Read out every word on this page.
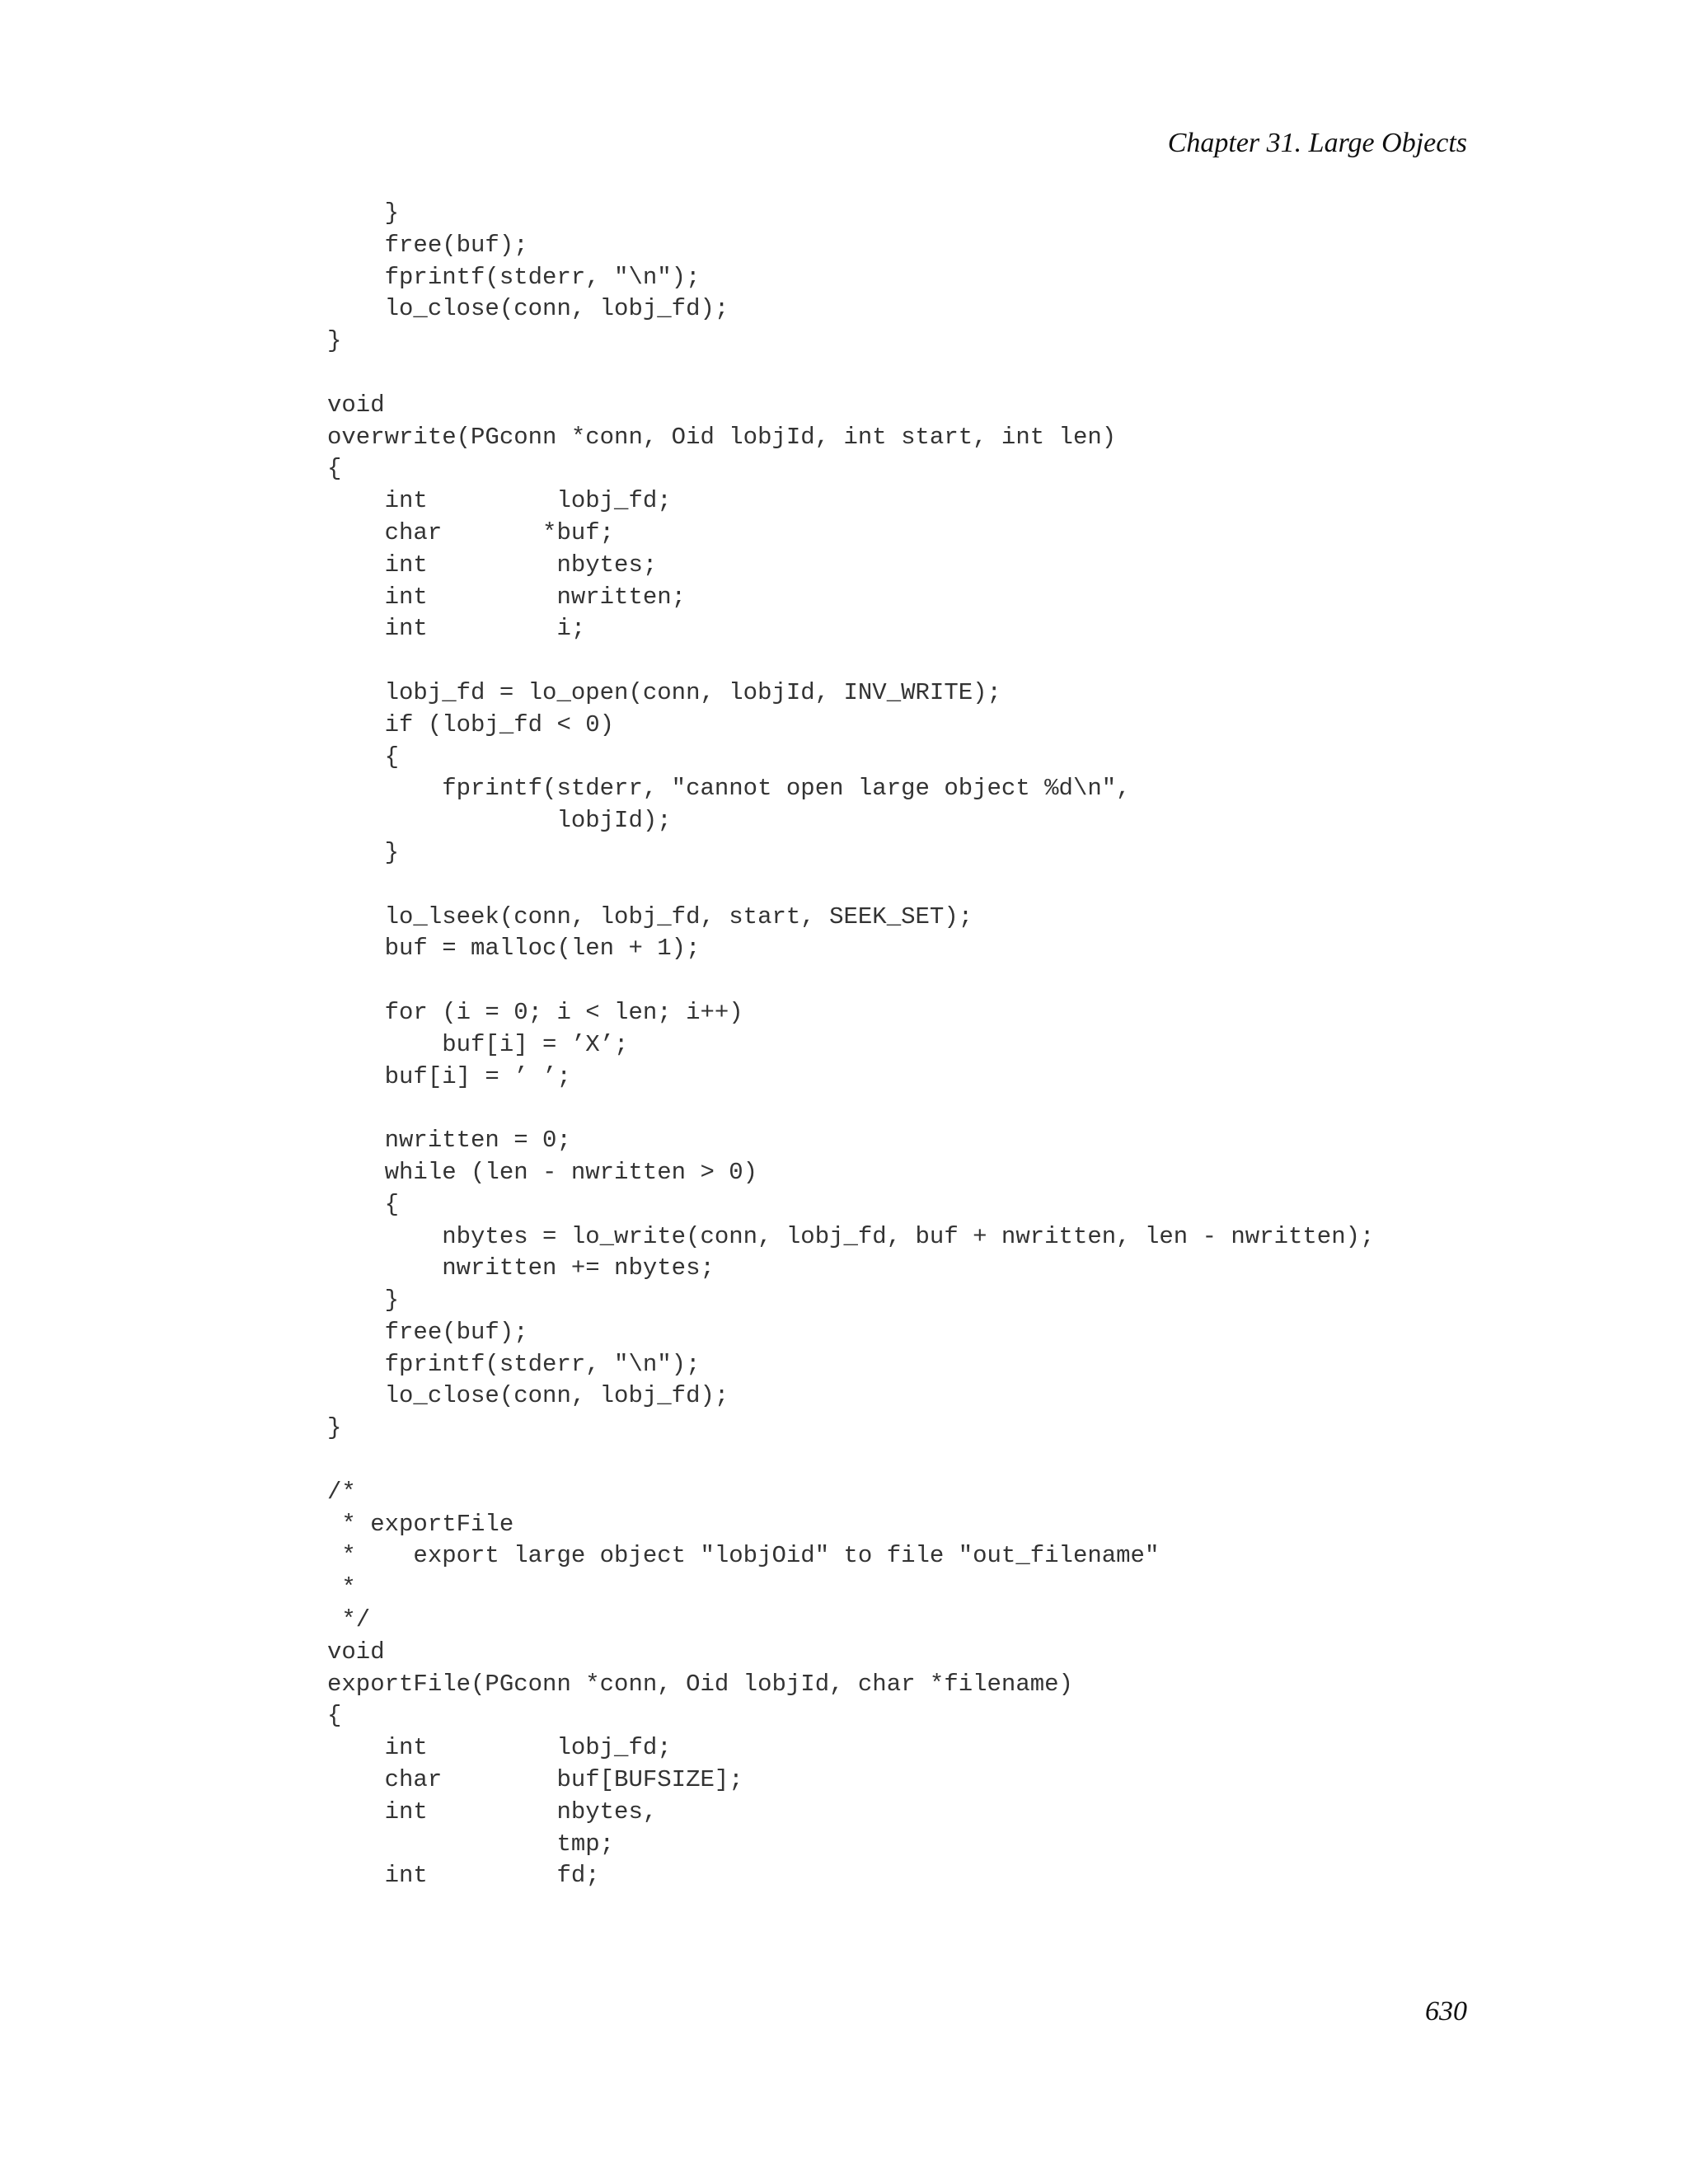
Chapter 31. Large Objects
}
free(buf);
fprintf(stderr, "\n");
lo_close(conn, lobj_fd);
}
void
overwrite(PGconn *conn, Oid lobjId, int start, int len)
{
int         lobj_fd;
char       *buf;
int         nbytes;
int         nwritten;
int         i;
lobj_fd = lo_open(conn, lobjId, INV_WRITE);
if (lobj_fd < 0)
{
fprintf(stderr, "cannot open large object %d\n",
lobjId);
}
lo_lseek(conn, lobj_fd, start, SEEK_SET);
buf = malloc(len + 1);
for (i = 0; i < len; i++)
buf[i] = ’X’;
buf[i] = ’ ’;
nwritten = 0;
while (len - nwritten > 0)
{
nbytes = lo_write(conn, lobj_fd, buf + nwritten, len - nwritten);
nwritten += nbytes;
}
free(buf);
fprintf(stderr, "\n");
lo_close(conn, lobj_fd);
}
/*
* exportFile
*    export large object "lobjOid" to file "out_filename"
*
*/
void
exportFile(PGconn *conn, Oid lobjId, char *filename)
{
int         lobj_fd;
char        buf[BUFSIZE];
int         nbytes,
tmp;
int         fd;
630
